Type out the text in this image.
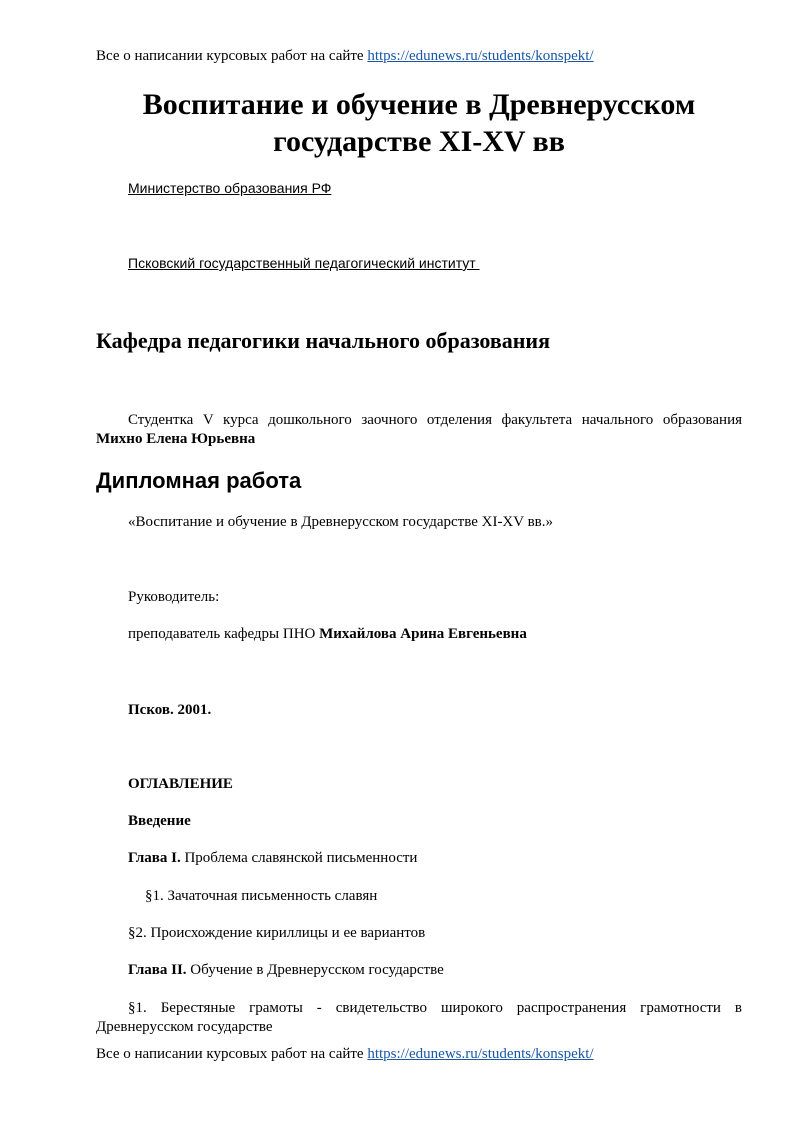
Все о написании курсовых работ на сайте https://edunews.ru/students/konspekt/
Воспитание и обучение в Древнерусском государстве XI-XV вв
Министерство образования РФ
Псковский государственный педагогический институт
Кафедра педагогики начального образования
Студентка V курса дошкольного заочного отделения факультета начального образования Михно Елена Юрьевна
Дипломная работа
«Воспитание и обучение в Древнерусском государстве XI-XV вв.»
Руководитель:
преподаватель кафедры ПНО Михайлова Арина Евгеньевна
Псков. 2001.
ОГЛАВЛЕНИЕ
Введение
Глава I. Проблема славянской письменности
§1. Зачаточная письменность славян
§2. Происхождение кириллицы и ее вариантов
Глава II. Обучение в Древнерусском государстве
§1. Берестяные грамоты - свидетельство широкого распространения грамотности в Древнерусском государстве
Все о написании курсовых работ на сайте https://edunews.ru/students/konspekt/
